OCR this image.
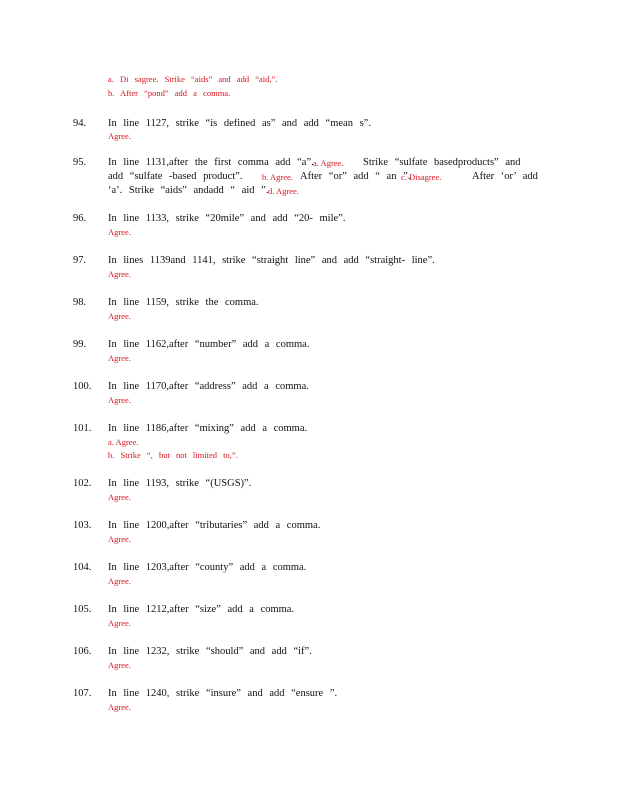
a. Di sagree. Strike “aids” and add “aid,”.
b. After “pond” add a comma.
94. In line 1127, strike “is defined as” and add “mean s”.
Agree.
95. In line 1131,after the first comma add “a”. a. Agree. Strike “sulfate basedproducts” and
add “sulfate -based product”. b. Agree. After “or” add “ an ”.
c. Disagree.	After ‘or’ add
‘a’. Strike “aids” andadd “ aid ”. d. Agree.
96. In line 1133, strike “20mile” and add “20- mile”.
Agree.
97. In lines 1139and 1141, strike “straight line” and add “straight- line”.
Agree.
98. In line 1159, strike the comma.
Agree.
99. In line 1162,after “number” add a comma.
Agree.
100. In line 1170,after “address” add a comma.
Agree.
101. In line 1186,after “mixing” add a comma.
a. Agree.
b. Strike “, but not limited to,”.
102. In line 1193, strike “(USGS)”.
Agree.
103. In line 1200,after “tributaries” add a comma.
Agree.
104. In line 1203,after “county” add a comma.
Agree.
105. In line 1212,after “size” add a comma.
Agree.
106. In line 1232, strike “should” and add “if”.
Agree.
107. In line 1240, strike “insure” and add “ensure ”.
Agree.
